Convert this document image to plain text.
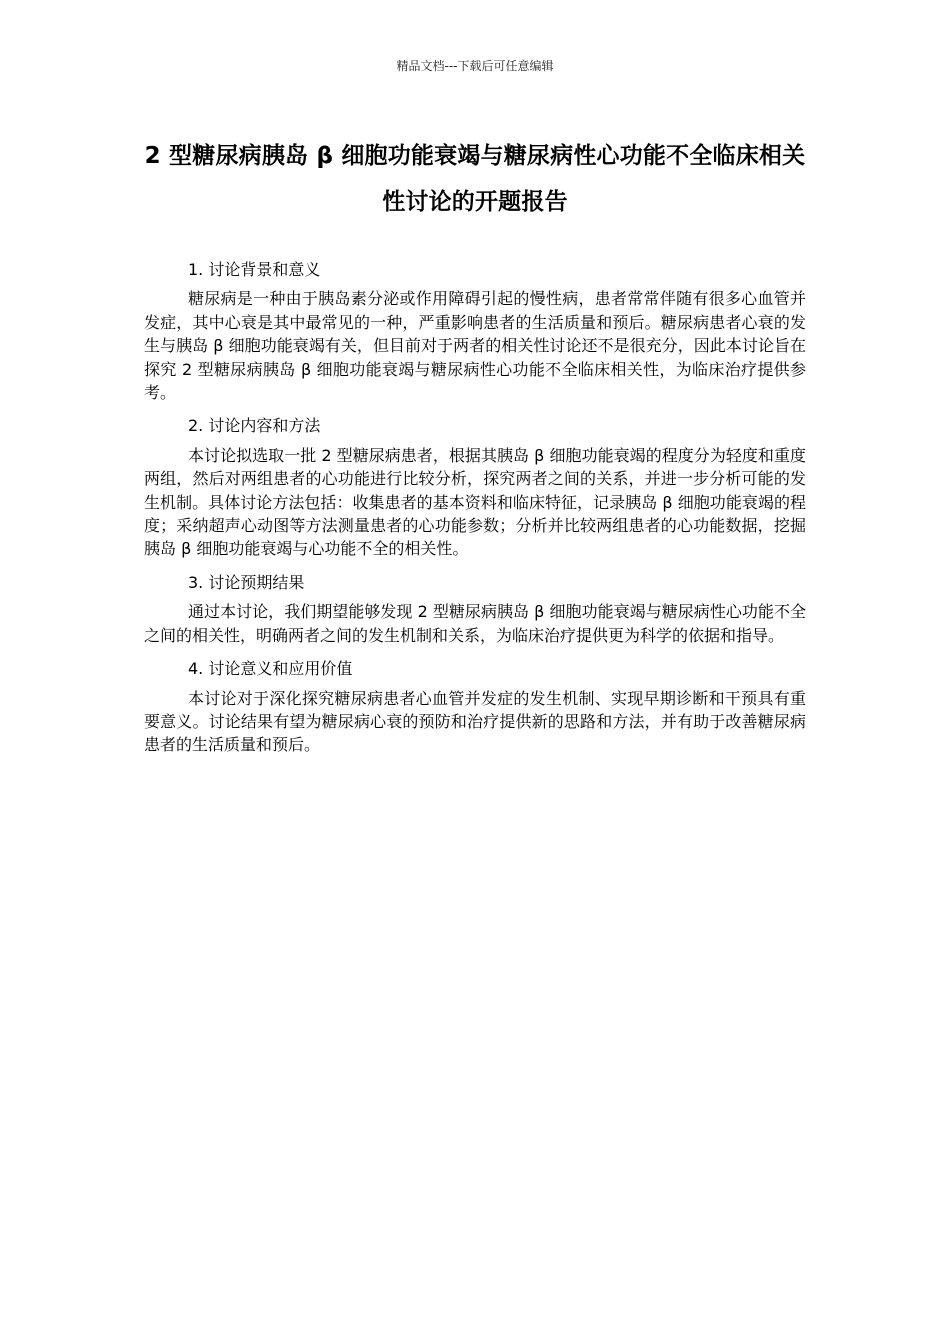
精品文档---下载后可任意编辑
2 型糖尿病胰岛 β 细胞功能衰竭与糖尿病性心功能不全临床相关性讨论的开题报告

1. 讨论背景和意义

糖尿病是一种由于胰岛素分泌或作用障碍引起的慢性病，患者常常伴随有很多心血管并发症，其中心衰是其中最常见的一种，严重影响患者的生活质量和预后。糖尿病患者心衰的发生与胰岛 β 细胞功能衰竭有关，但目前对于两者的相关性讨论还不是很充分，因此本讨论旨在探究 2 型糖尿病胰岛 β 细胞功能衰竭与糖尿病性心功能不全临床相关性，为临床治疗提供参考。

2. 讨论内容和方法

本讨论拟选取一批 2 型糖尿病患者，根据其胰岛 β 细胞功能衰竭的程度分为轻度和重度两组，然后对两组患者的心功能进行比较分析，探究两者之间的关系，并进一步分析可能的发生机制。具体讨论方法包括：收集患者的基本资料和临床特征，记录胰岛 β 细胞功能衰竭的程度；采纳超声心动图等方法测量患者的心功能参数；分析并比较两组患者的心功能数据，挖掘胰岛 β 细胞功能衰竭与心功能不全的相关性。

3. 讨论预期结果

通过本讨论，我们期望能够发现 2 型糖尿病胰岛 β 细胞功能衰竭与糖尿病性心功能不全之间的相关性，明确两者之间的发生机制和关系，为临床治疗提供更为科学的依据和指导。

4. 讨论意义和应用价值

本讨论对于深化探究糖尿病患者心血管并发症的发生机制、实现早期诊断和干预具有重要意义。讨论结果有望为糖尿病心衰的预防和治疗提供新的思路和方法，并有助于改善糖尿病患者的生活质量和预后。
